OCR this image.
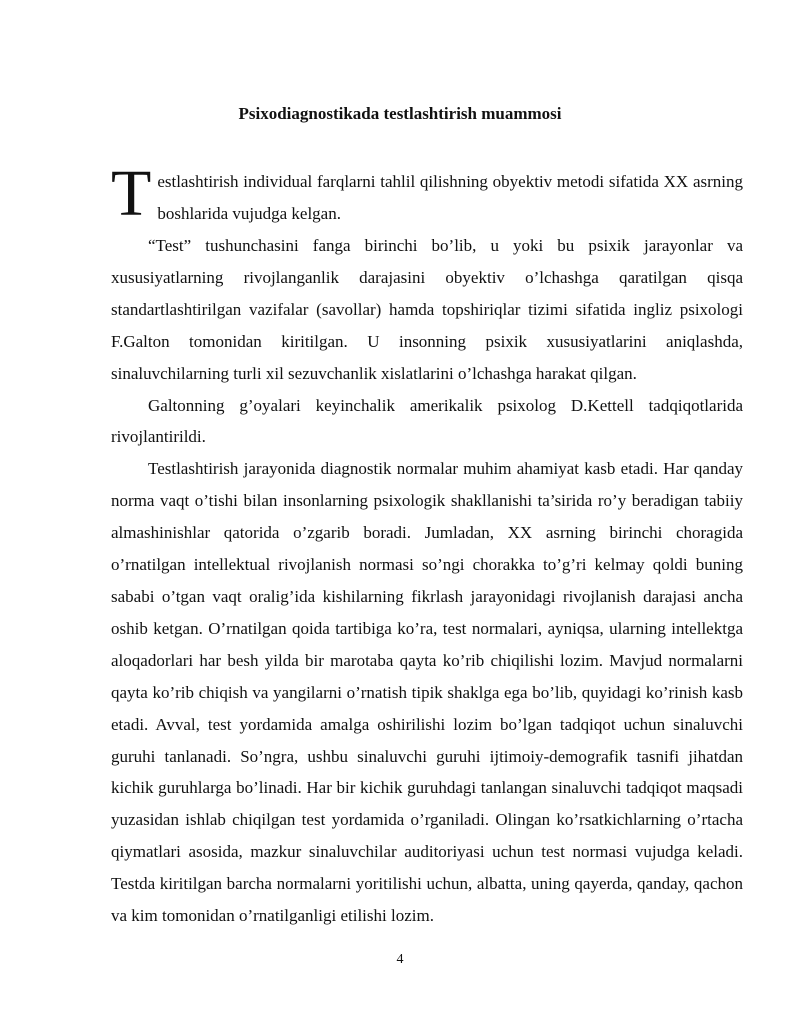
Psixodiagnostikada testlashtirish muammosi

Testlashtirish individual farqlarni tahlil qilishning obyektiv metodi sifatida XX asrning boshlarida vujudga kelgan.

“Test” tushunchasini fanga birinchi bo’lib, u yoki bu psixik jarayonlar va xususiyatlarning rivojlanganlik darajasini obyektiv o’lchashga qaratilgan qisqa standartlashtirilgan vazifalar (savollar) hamda topshiriqlar tizimi sifatida ingliz psixologi F.Galton tomonidan kiritilgan. U insonning psixik xususiyatlarini aniqlashda, sinaluvchilarning turli xil sezuvchanlik xislatlarini o’lchashga harakat qilgan.

Galtonning g’oyalari keyinchalik amerikalik psixolog D.Kettell tadqiqotlarida rivojlantirildi.

Testlashtirish jarayonida diagnostik normalar muhim ahamiyat kasb etadi. Har qanday norma vaqt o’tishi bilan insonlarning psixologik shakllanishi ta’sirida ro’y beradigan tabiiy almashinishlar qatorida o’zgarib boradi. Jumladan, XX asrning birinchi choragida o’rnatilgan intellektual rivojlanish normasi so’ngi chorakka to’g’ri kelmay qoldi buning sababi o’tgan vaqt oralig’ida kishilarning fikrlash jarayonidagi rivojlanish darajasi ancha oshib ketgan. O’rnatilgan qoida tartibiga ko’ra, test normalari, ayniqsa, ularning intellektga aloqadorlari har besh yilda bir marotaba qayta ko’rib chiqilishi lozim. Mavjud normalarni qayta ko’rib chiqish va yangilarni o’rnatish tipik shaklga ega bo’lib, quyidagi ko’rinish kasb etadi. Avval, test yordamida amalga oshirilishi lozim bo’lgan tadqiqot uchun sinaluvchi guruhi tanlanadi. So’ngra, ushbu sinaluvchi guruhi ijtimoiy-demografik tasnifi jihatdan kichik guruhlarga bo’linadi. Har bir kichik guruhdagi tanlangan sinaluvchi tadqiqot maqsadi yuzasidan ishlab chiqilgan test yordamida o’rganiladi. Olingan ko’rsatkichlarning o’rtacha qiymatlari asosida, mazkur sinaluvchilar auditoriyasi uchun test normasi vujudga keladi. Testda kiritilgan barcha normalarni yoritilishi uchun, albatta, uning qayerda, qanday, qachon va kim tomonidan o’rnatilganligi etilishi lozim.

4
